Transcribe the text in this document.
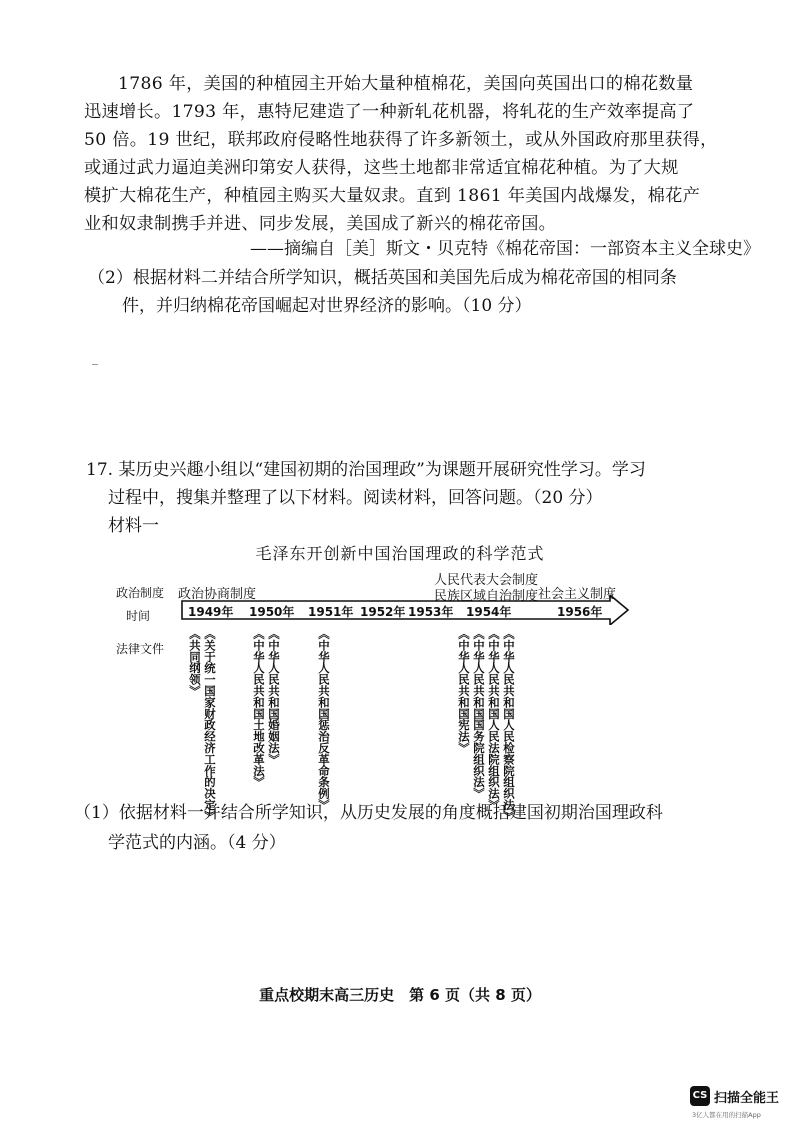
1786 年，美国的种植园主开始大量种植棉花，美国向英国出口的棉花数量
迅速增长。1793 年，惠特尼建造了一种新轧花机器，将轧花的生产效率提高了
50 倍。19 世纪，联邦政府侵略性地获得了许多新领土，或从外国政府那里获得，
或通过武力逼迫美洲印第安人获得，这些土地都非常适宜棉花种植。为了大规
模扩大棉花生产，种植园主购买大量奴隶。直到 1861 年美国内战爆发，棉花产
业和奴隶制携手并进、同步发展，美国成了新兴的棉花帝国。
——摘编自［美］斯文・贝克特《棉花帝国：一部资本主义全球史》
（2）根据材料二并结合所学知识，概括英国和美国先后成为棉花帝国的相同条
件，并归纳棉花帝国崛起对世界经济的影响。（10 分）
17. 某历史兴趣小组以“建国初期的治国理政”为课题开展研究性学习。学习
过程中，搜集并整理了以下材料。阅读材料，回答问题。（20 分）
材料一
毛泽东开创新中国治国理政的科学范式
政治制度
时间
法律文件
政治协商制度
人民代表大会制度
民族区域自治制度 社会主义制度
1949年 1950年 1951年 1952年 1953年 1954年	1956年
《共同纲领》 《关于统一国家财政经济工作的决定》	《中华人民共和国土地改革法》 《中华人民共和国婚姻法》	《中华人民共和国惩治反革命条例》	《中华人民共和国宪法》 《中华人民共和国国务院组织法》 《中华人民共和国人民法院组织法》 《中华人民共和国人民检察院组织法》
（1）依据材料一并结合所学知识，从历史发展的角度概括建国初期治国理政科
学范式的内涵。（4 分）
重点校期末高三历史　第 6 页（共 8 页）
CS 扫描全能王
3亿人都在用的扫描App
